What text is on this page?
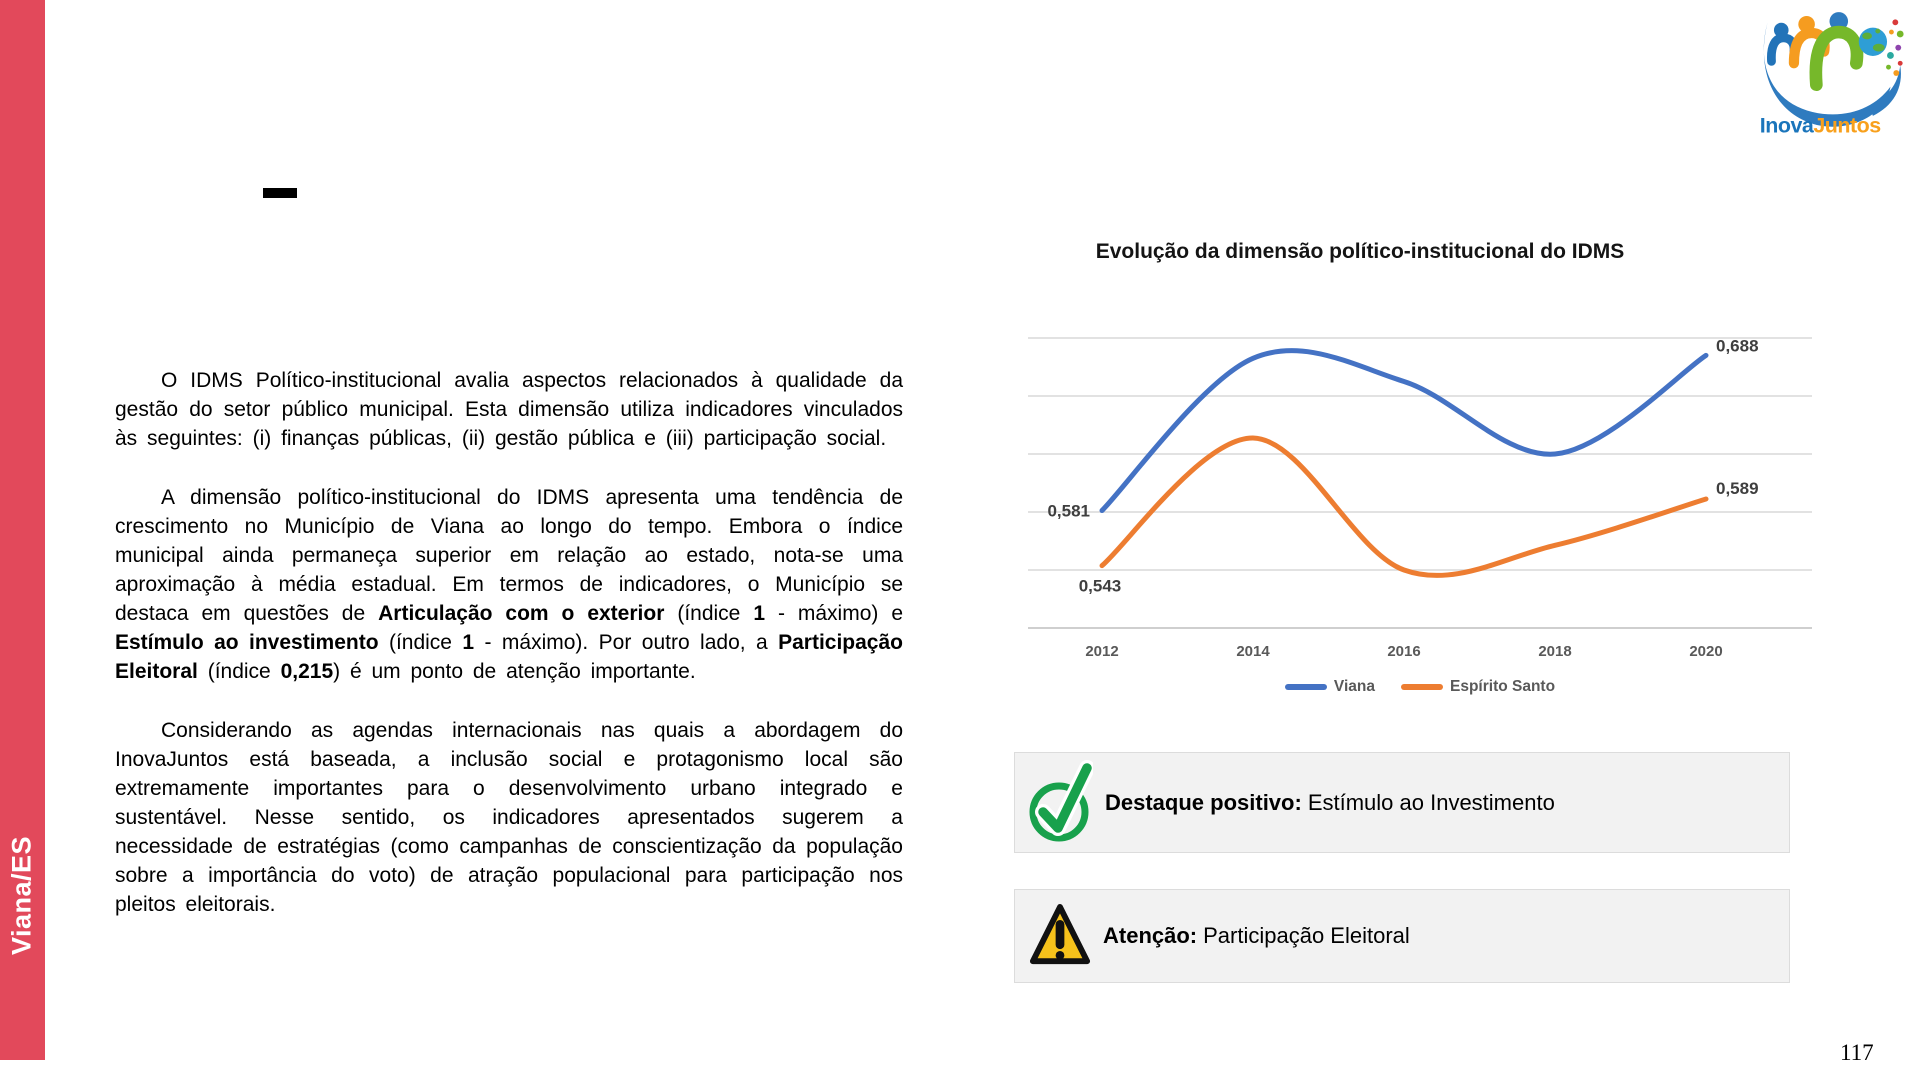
Viana/ES
InovaJuntos

O IDMS Político-institucional avalia aspectos relacionados à qualidade da gestão do setor público municipal. Esta dimensão utiliza indicadores vinculados às seguintes: (i) finanças públicas, (ii) gestão pública e (iii) participação social.

A dimensão político-institucional do IDMS apresenta uma tendência de crescimento no Município de Viana ao longo do tempo. Embora o índice municipal ainda permaneça superior em relação ao estado, nota-se uma aproximação à média estadual. Em termos de indicadores, o Município se destaca em questões de Articulação com o exterior (índice 1 - máximo) e Estímulo ao investimento (índice 1 - máximo). Por outro lado, a Participação Eleitoral (índice 0,215) é um ponto de atenção importante.

Considerando as agendas internacionais nas quais a abordagem do InovaJuntos está baseada, a inclusão social e protagonismo local são extremamente importantes para o desenvolvimento urbano integrado e sustentável. Nesse sentido, os indicadores apresentados sugerem a necessidade de estratégias (como campanhas de conscientização da população sobre a importância do voto) de atração populacional para participação nos pleitos eleitorais.

Evolução da dimensão político-institucional do IDMS
2012	2014	2016	2018	2020
0,581
0,688
0,543
0,589
Viana	Espírito Santo
Destaque positivo: Estímulo ao Investimento
Atenção: Participação Eleitoral
117
